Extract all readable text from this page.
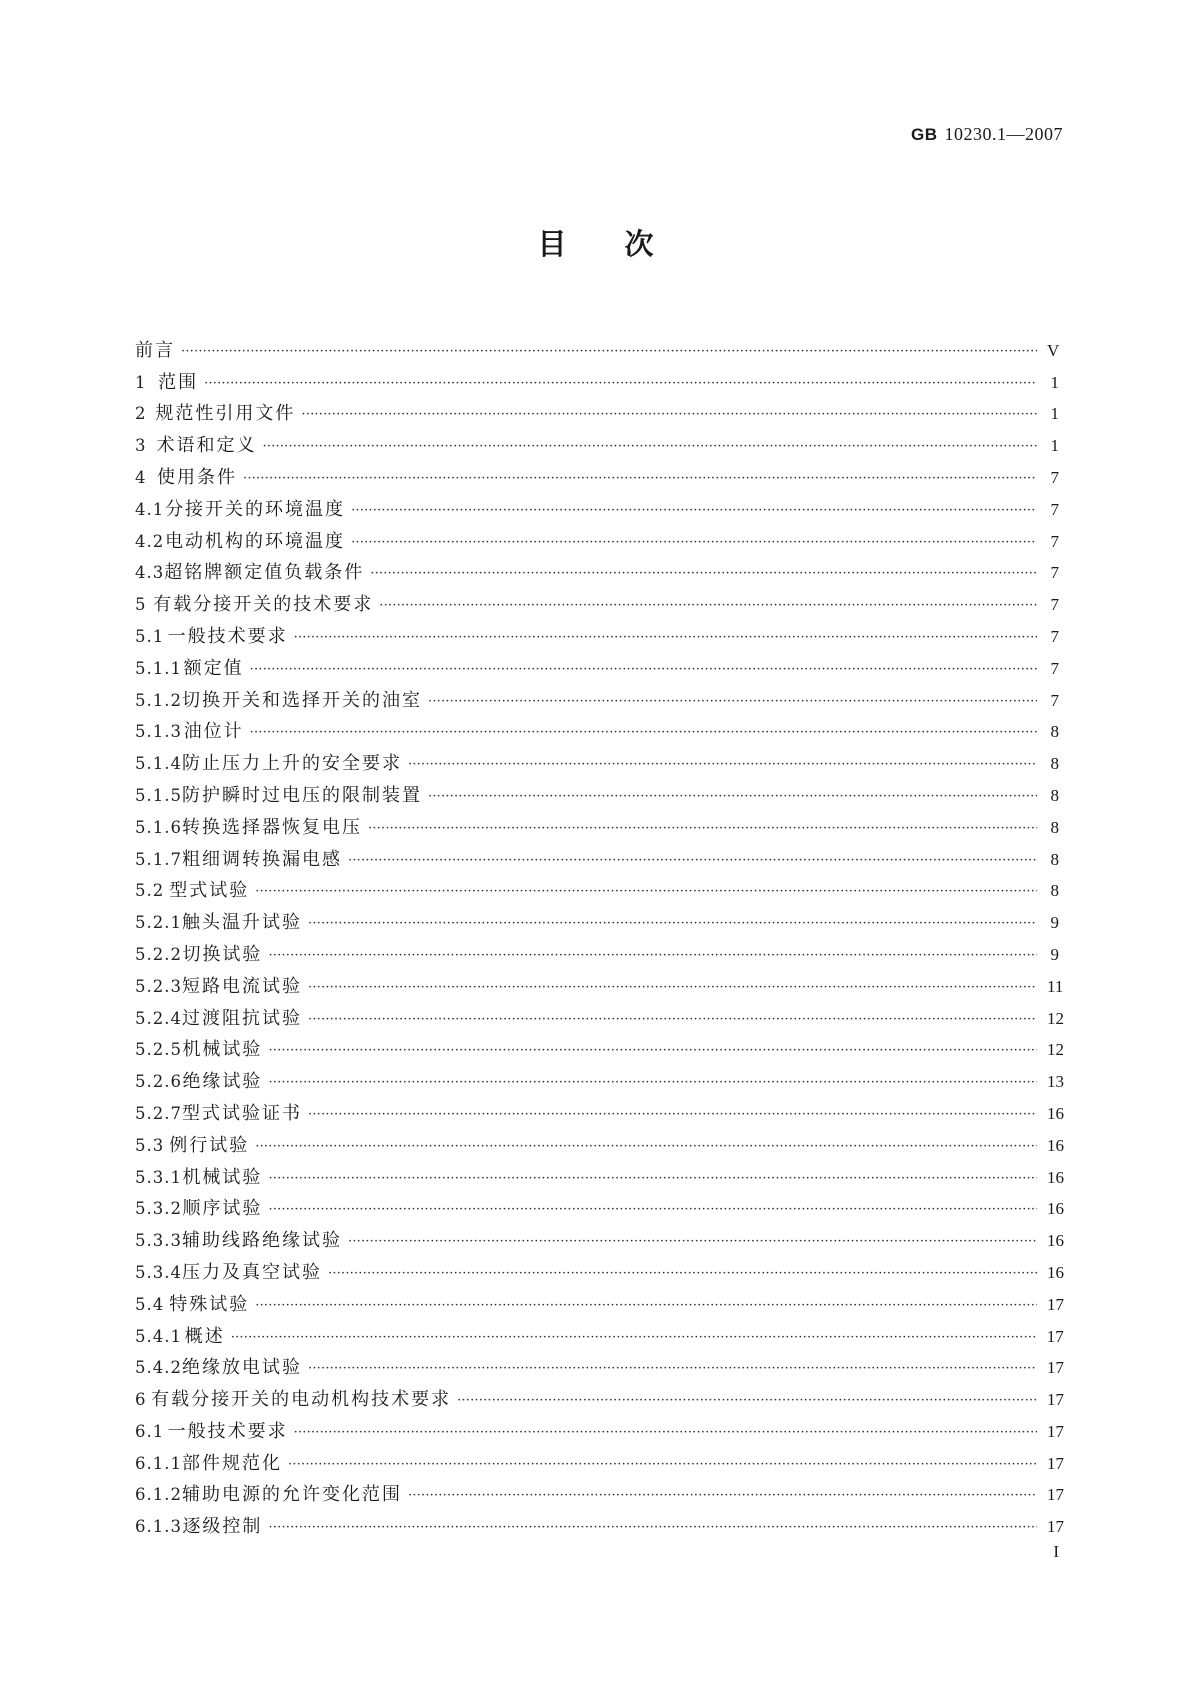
GB 10230.1—2007
目次
前言 ·····	V
1 范围 ·····	1
2 规范性引用文件 ·····	1
3 术语和定义 ·····	1
4 使用条件 ·····	7
4.1 分接开关的环境温度 ·····	7
4.2 电动机构的环境温度 ·····	7
4.3 超铭牌额定值负载条件 ·····	7
5 有载分接开关的技术要求 ·····	7
5.1 一般技术要求 ·····	7
5.1.1 额定值 ·····	7
5.1.2 切换开关和选择开关的油室 ·····	7
5.1.3 油位计 ·····	8
5.1.4 防止压力上升的安全要求 ·····	8
5.1.5 防护瞬时过电压的限制装置 ·····	8
5.1.6 转换选择器恢复电压 ·····	8
5.1.7 粗细调转换漏电感 ·····	8
5.2 型式试验 ·····	8
5.2.1 触头温升试验 ·····	9
5.2.2 切换试验 ·····	9
5.2.3 短路电流试验 ·····	11
5.2.4 过渡阻抗试验 ·····	12
5.2.5 机械试验 ·····	12
5.2.6 绝缘试验 ·····	13
5.2.7 型式试验证书 ·····	16
5.3 例行试验 ·····	16
5.3.1 机械试验 ·····	16
5.3.2 顺序试验 ·····	16
5.3.3 辅助线路绝缘试验 ·····	16
5.3.4 压力及真空试验 ·····	16
5.4 特殊试验 ·····	17
5.4.1 概述 ·····	17
5.4.2 绝缘放电试验 ·····	17
6 有载分接开关的电动机构技术要求 ·····	17
6.1 一般技术要求 ·····	17
6.1.1 部件规范化 ·····	17
6.1.2 辅助电源的允许变化范围 ·····	17
6.1.3 逐级控制 ·····	17
I
